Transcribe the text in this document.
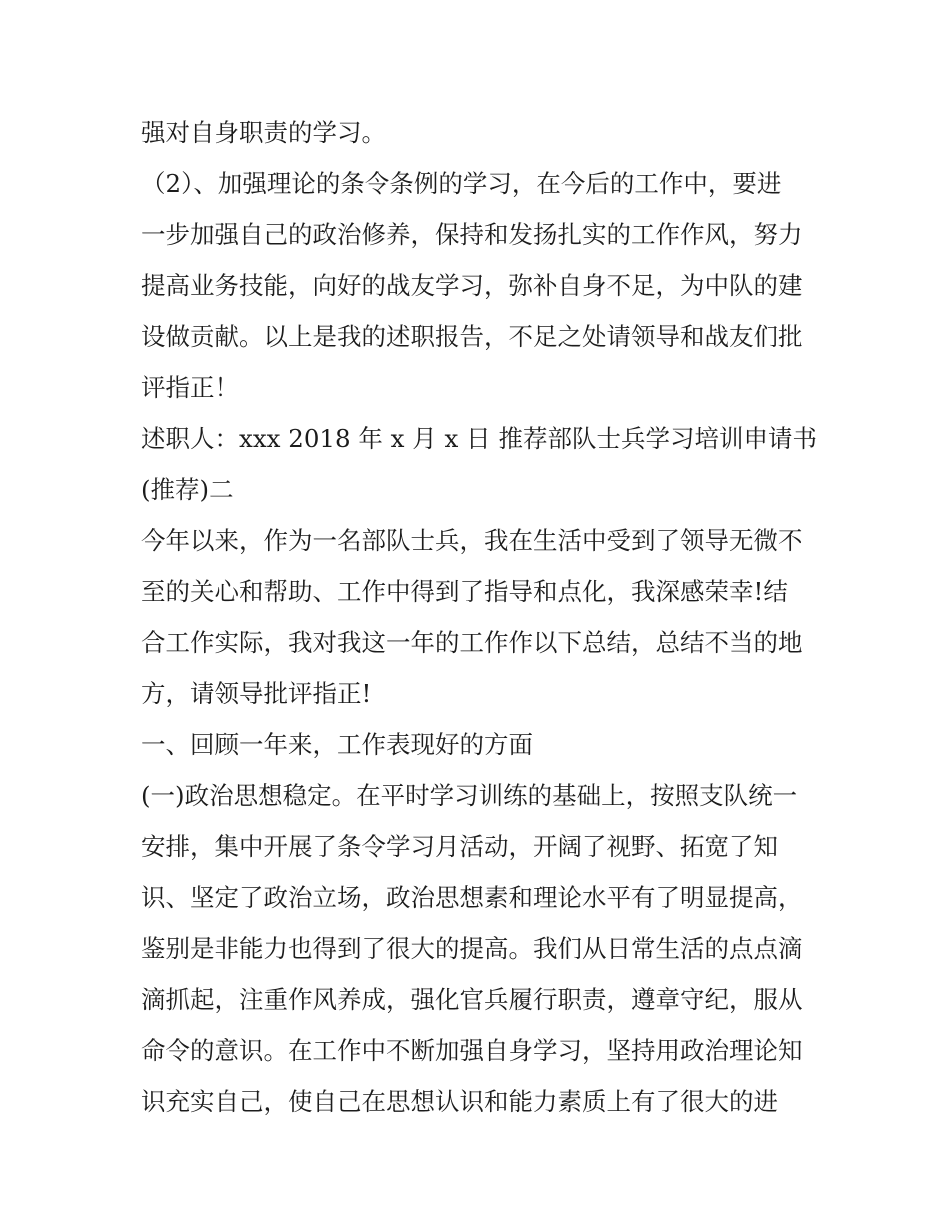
强对自身职责的学习。
（2）、加强理论的条令条例的学习，在今后的工作中，要进
一步加强自己的政治修养，保持和发扬扎实的工作作风，努力
提高业务技能，向好的战友学习，弥补自身不足，为中队的建
设做贡献。以上是我的述职报告，不足之处请领导和战友们批
评指正！
述职人：xxx 2018 年 x 月 x 日 推荐部队士兵学习培训申请书
(推荐)二
今年以来，作为一名部队士兵，我在生活中受到了领导无微不
至的关心和帮助、工作中得到了指导和点化，我深感荣幸!结
合工作实际，我对我这一年的工作作以下总结，总结不当的地
方，请领导批评指正!
一、回顾一年来，工作表现好的方面
(一)政治思想稳定。在平时学习训练的基础上，按照支队统一
安排，集中开展了条令学习月活动，开阔了视野、拓宽了知
识、坚定了政治立场，政治思想素和理论水平有了明显提高，
鉴别是非能力也得到了很大的提高。我们从日常生活的点点滴
滴抓起，注重作风养成，强化官兵履行职责，遵章守纪，服从
命令的意识。在工作中不断加强自身学习，坚持用政治理论知
识充实自己，使自己在思想认识和能力素质上有了很大的进
